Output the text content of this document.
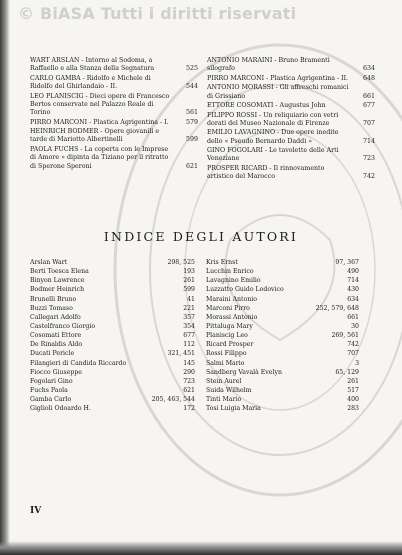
© BiASA Tutti i diritti riservati
WART ARSLAN - Intorno al Sodoma, a Raffaello e alla Stanza della Segnatura	525
CARLO GAMBA - Ridolfo e Michele di Ridolfo del Ghirlandaio - II.	544
LEO PLANISCIG - Dieci opere di Francesco Bertos conservate nel Palazzo Reale di Torino	561
PIRRO MARCONI - Plastica Agrigentina - I.	579
HEINRICH BODMER - Opere giovanili e tarde di Mariotto Albertinelli	599
PAOLA FUCHS - La coperta con le Imprese di Amore » dipinta da Tiziano per il ritratto di Sperone Speroni	621
ANTONIO MARAINI - Bruno Bramenti silografo	634
PIRRO MARCONI - Plastica Agrigentina - II.	648
ANTONIO MORASSI - Gli affreschi romanici di Grissiano	661
ETTORE COSOMATI - Augustus John	677
FILIPPO ROSSI - Un reliquiario con vetri dorati del Museo Nazionale di Firenze	707
EMILIO LAVAGNINO - Due opere inedite dello « Pseudo Bernardo Daddi »	714
GINO FOGOLARI - Le tavolette delle Arti Veneziane	723
PROSPER RICARD - Il rinnovamento artistico del Marocco	742
INDICE DEGLI AUTORI
Arslan Wart	298, 525
Berti Toesca Elena	193
Binyon Lawrence	261
Bodmer Heinrich	599
Brunelli Bruno	41
Buzzi Tomaso	221
Callegari Adolfo	357
Castelfranco Giorgio	354
Cosomati Ettore	677
De Rinaldis Aldo	112
Ducati Pericle	321, 451
Filangieri di Candida Riccardo	145
Fiocco Giuseppe	290
Fogolari Gino	723
Fuchs Paola	621
Gamba Carlo	205, 463, 544
Giglioli Odoardo H.	172
Kris Ernst	97, 367
Lucchin Enrico	490
Lavagnino Emilio	714
Luzzatto Guido Lodovico	430
Maraini Antonio	634
Marconi Pirro	252, 579, 648
Morassi Antonio	661
Pittaluga Mary	30
Planiscig Leo	269, 561
Ricard Prosper	742
Rossi Filippo	707
Salmi Mario	3
Sandberg Vavalà Evelyn	65, 129
Stein Aurel	261
Suida Wilhelm	517
Tinti Mario	400
Tosi Luigia Maria	283
IV
